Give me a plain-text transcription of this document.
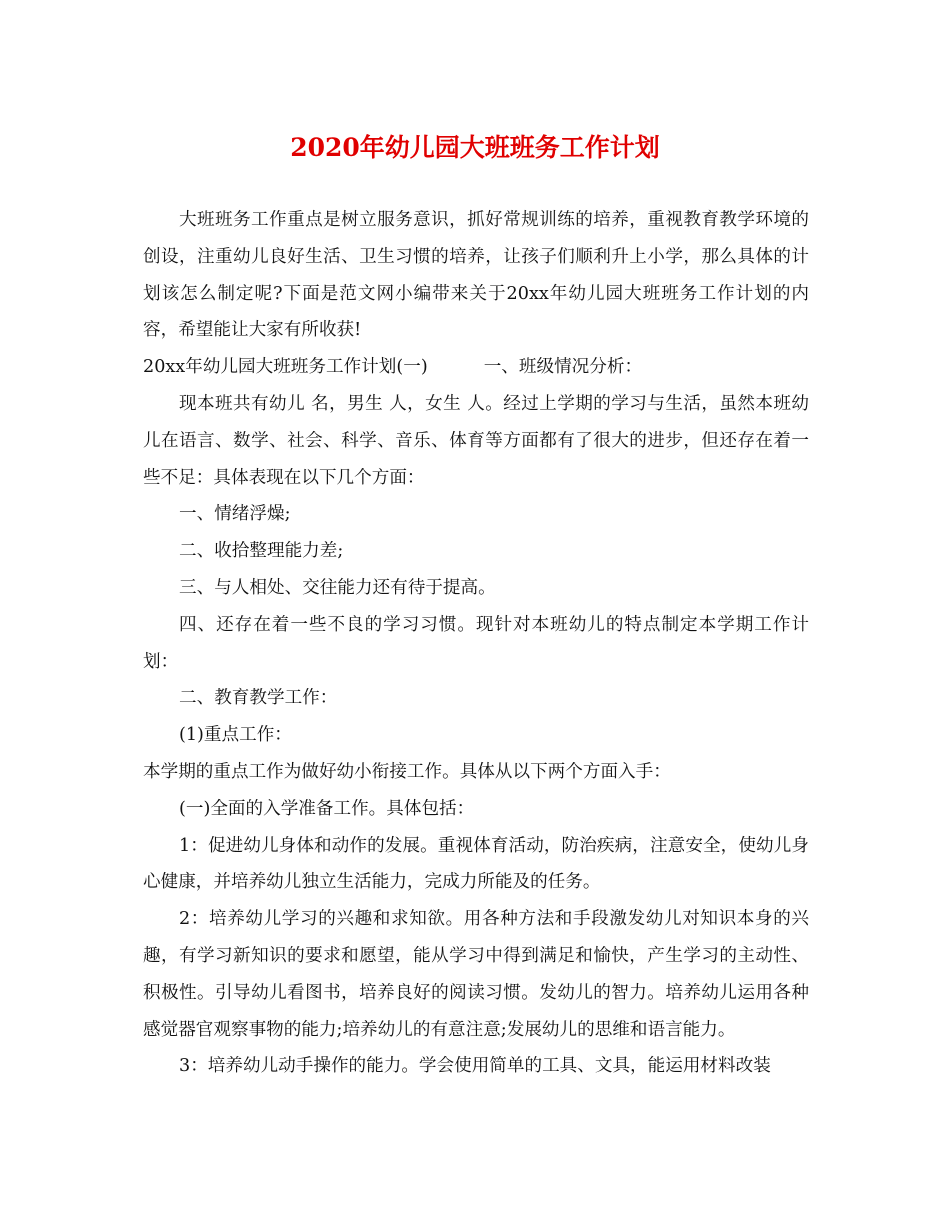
2020年幼儿园大班班务工作计划

大班班务工作重点是树立服务意识，抓好常规训练的培养，重视教育教学环境的创设，注重幼儿良好生活、卫生习惯的培养，让孩子们顺利升上小学，那么具体的计划该怎么制定呢?下面是范文网小编带来关于20xx年幼儿园大班班务工作计划的内容，希望能让大家有所收获!

20xx年幼儿园大班班务工作计划(一)	一、班级情况分析：

现本班共有幼儿 名，男生 人，女生 人。经过上学期的学习与生活，虽然本班幼儿在语言、数学、社会、科学、音乐、体育等方面都有了很大的进步，但还存在着一些不足：具体表现在以下几个方面：

一、情绪浮燥;

二、收拾整理能力差;

三、与人相处、交往能力还有待于提高。

四、还存在着一些不良的学习习惯。现针对本班幼儿的特点制定本学期工作计划：

二、教育教学工作：

(1)重点工作：

本学期的重点工作为做好幼小衔接工作。具体从以下两个方面入手：

(一)全面的入学准备工作。具体包括：

1：促进幼儿身体和动作的发展。重视体育活动，防治疾病，注意安全，使幼儿身心健康，并培养幼儿独立生活能力，完成力所能及的任务。

2：培养幼儿学习的兴趣和求知欲。用各种方法和手段激发幼儿对知识本身的兴趣，有学习新知识的要求和愿望，能从学习中得到满足和愉快，产生学习的主动性、积极性。引导幼儿看图书，培养良好的阅读习惯。发幼儿的智力。培养幼儿运用各种感觉器官观察事物的能力;培养幼儿的有意注意;发展幼儿的思维和语言能力。

3：培养幼儿动手操作的能力。学会使用简单的工具、文具，能运用材料改装
